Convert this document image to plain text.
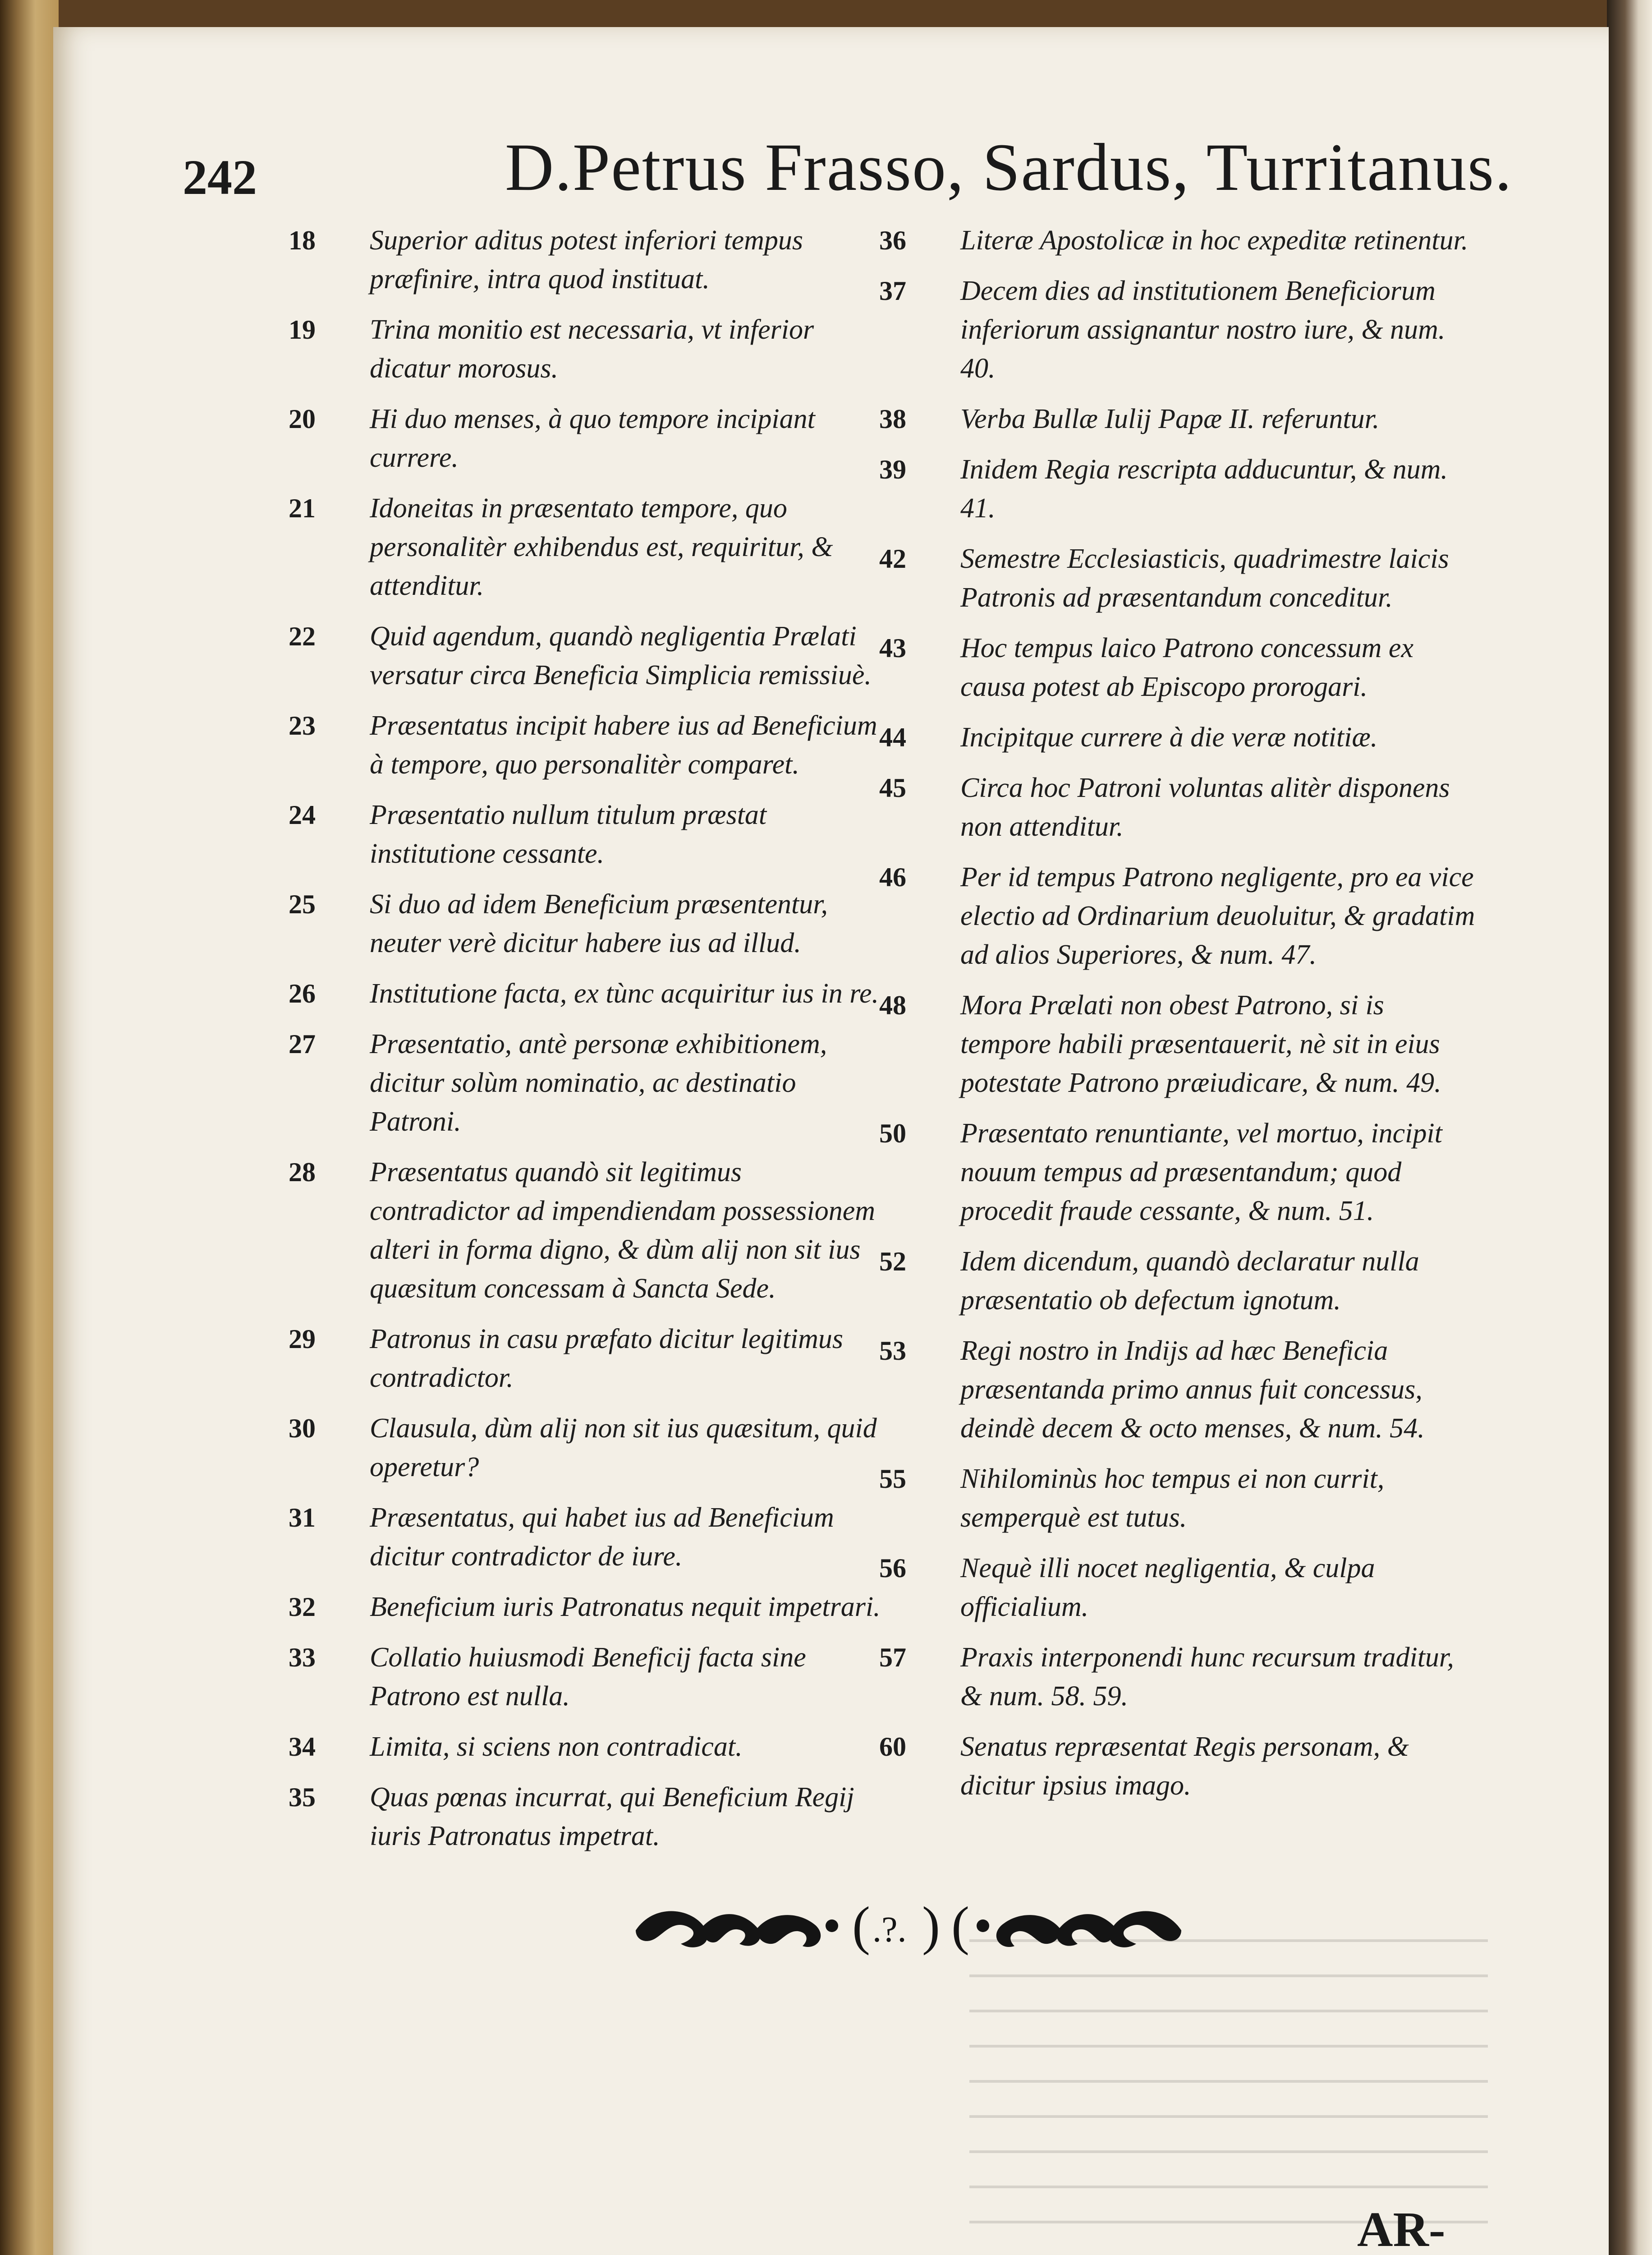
242	D.Petrus Frasso, Sardus, Turritanus.
18	Superior aditus potest inferiori tempus præfinire, intra quod instituat.
19	Trina monitio est necessaria, vt inferior dicatur morosus.
20	Hi duo menses, à quo tempore incipiant currere.
21	Idoneitas in præsentato tempore, quo personalitèr exhibendus est, requiritur, & attenditur.
22	Quid agendum, quandò negligentia Prælati versatur circa Beneficia Simplicia remissiuè.
23	Præsentatus incipit habere ius ad Beneficium à tempore, quo personalitèr comparet.
24	Præsentatio nullum titulum præstat institutione cessante.
25	Si duo ad idem Beneficium præsententur, neuter verè dicitur habere ius ad illud.
26	Institutione facta, ex tùnc acquiritur ius in re.
27	Præsentatio, antè personæ exhibitionem, dicitur solùm nominatio, ac destinatio Patroni.
28	Præsentatus quandò sit legitimus contradictor ad impendiendam possessionem alteri in forma digno, & dùm alij non sit ius quæsitum concessam à Sancta Sede.
29	Patronus in casu præfato dicitur legitimus contradictor.
30	Clausula, dùm alij non sit ius quæsitum, quid operetur?
31	Præsentatus, qui habet ius ad Beneficium dicitur contradictor de iure.
32	Beneficium iuris Patronatus nequit impetrari.
33	Collatio huiusmodi Beneficij facta sine Patrono est nulla.
34	Limita, si sciens non contradicat.
35	Quas pœnas incurrat, qui Beneficium Regij iuris Patronatus impetrat.
36	Literæ Apostolicæ in hoc expeditæ retinentur.
37	Decem dies ad institutionem Beneficiorum inferiorum assignantur nostro iure, & num. 40.
38	Verba Bullæ Iulij Papæ II. referuntur.
39	Inidem Regia rescripta adducuntur, & num. 41.
42	Semestre Ecclesiasticis, quadrimestre laicis Patronis ad præsentandum conceditur.
43	Hoc tempus laico Patrono concessum ex causa potest ab Episcopo prorogari.
44	Incipitque currere à die veræ notitiæ.
45	Circa hoc Patroni voluntas alitèr disponens non attenditur.
46	Per id tempus Patrono negligente, pro ea vice electio ad Ordinarium deuoluitur, & gradatim ad alios Superiores, & num. 47.
48	Mora Prælati non obest Patrono, si is tempore habili præsentauerit, nè sit in eius potestate Patrono præiudicare, & num. 49.
50	Præsentato renuntiante, vel mortuo, incipit nouum tempus ad præsentandum; quod procedit fraude cessante, & num. 51.
52	Idem dicendum, quandò declaratur nulla præsentatio ob defectum ignotum.
53	Regi nostro in Indijs ad hæc Beneficia præsentanda primo annus fuit concessus, deindè decem & octo menses, & num. 54.
55	Nihilominùs hoc tempus ei non currit, semperquè est tutus.
56	Nequè illi nocet negligentia, & culpa officialium.
57	Praxis interponendi hunc recursum traditur, & num. 58. 59.
60	Senatus repræsentat Regis personam, & dicitur ipsius imago.
( .?. ) (
AR-
